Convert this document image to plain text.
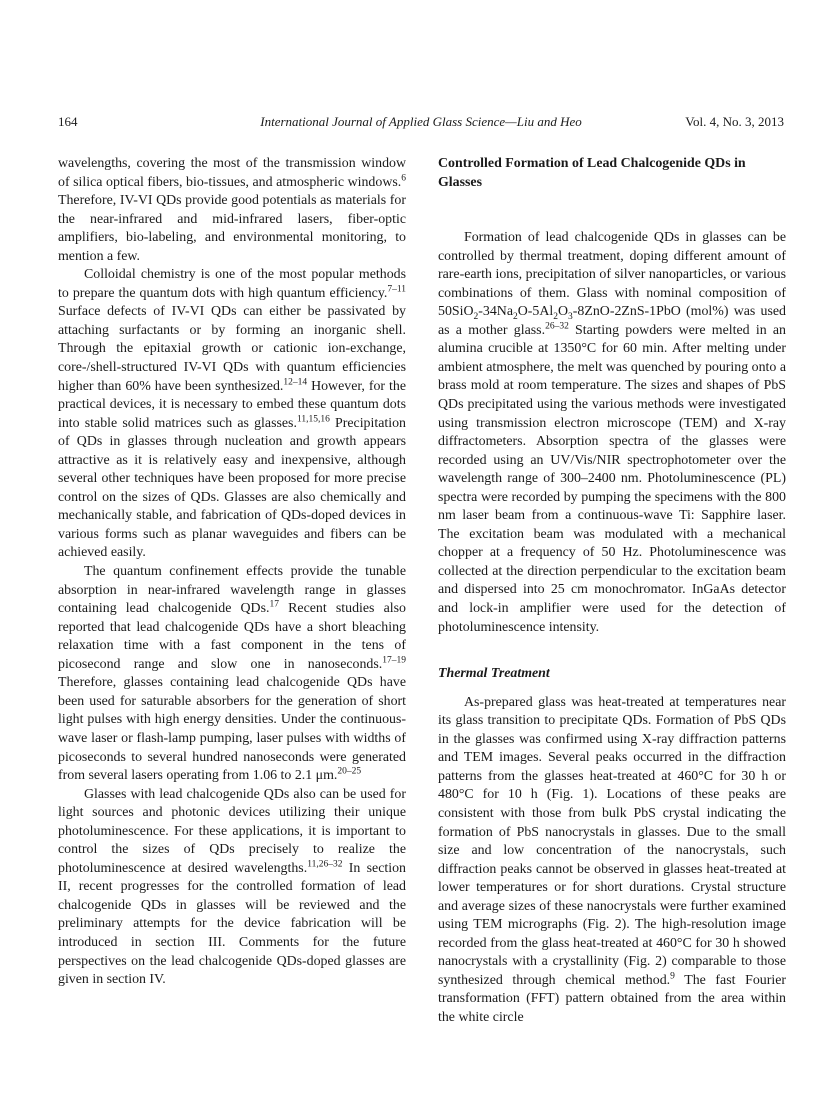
164	International Journal of Applied Glass Science—Liu and Heo	Vol. 4, No. 3, 2013

wavelengths, covering the most of the transmission window of silica optical fibers, bio-tissues, and atmospheric windows.$^6$ Therefore, IV-VI QDs provide good potentials as materials for the near-infrared and mid-infrared lasers, fiber-optic amplifiers, bio-labeling, and environmental monitoring, to mention a few.

Colloidal chemistry is one of the most popular methods to prepare the quantum dots with high quantum efficiency.$^{7-11}$ Surface defects of IV-VI QDs can either be passivated by attaching surfactants or by forming an inorganic shell. Through the epitaxial growth or cationic ion-exchange, core-/shell-structured IV-VI QDs with quantum efficiencies higher than 60% have been synthesized.$^{12-14}$ However, for the practical devices, it is necessary to embed these quantum dots into stable solid matrices such as glasses.$^{11,15,16}$ Precipitation of QDs in glasses through nucleation and growth appears attractive as it is relatively easy and inexpensive, although several other techniques have been proposed for more precise control on the sizes of QDs. Glasses are also chemically and mechanically stable, and fabrication of QDs-doped devices in various forms such as planar waveguides and fibers can be achieved easily.

The quantum confinement effects provide the tunable absorption in near-infrared wavelength range in glasses containing lead chalcogenide QDs.$^{17}$ Recent studies also reported that lead chalcogenide QDs have a short bleaching relaxation time with a fast component in the tens of picosecond range and slow one in nanoseconds.$^{17-19}$ Therefore, glasses containing lead chalcogenide QDs have been used for saturable absorbers for the generation of short light pulses with high energy densities. Under the continuous-wave laser or flash-lamp pumping, laser pulses with widths of picoseconds to several hundred nanoseconds were generated from several lasers operating from 1.06 to 2.1 μm.$^{20-25}$

Glasses with lead chalcogenide QDs also can be used for light sources and photonic devices utilizing their unique photoluminescence. For these applications, it is important to control the sizes of QDs precisely to realize the photoluminescence at desired wavelengths.$^{11,26-32}$ In section II, recent progresses for the controlled formation of lead chalcogenide QDs in glasses will be reviewed and the preliminary attempts for the device fabrication will be introduced in section III. Comments for the future perspectives on the lead chalcogenide QDs-doped glasses are given in section IV.

Controlled Formation of Lead Chalcogenide QDs in Glasses

Formation of lead chalcogenide QDs in glasses can be controlled by thermal treatment, doping different amount of rare-earth ions, precipitation of silver nanoparticles, or various combinations of them. Glass with nominal composition of $50SiO_2-34Na_2O-5Al_2O_3-8ZnO-2ZnS-1PbO$ (mol%) was used as a mother glass.$^{26-32}$ Starting powders were melted in an alumina crucible at 1350°C for 60 min. After melting under ambient atmosphere, the melt was quenched by pouring onto a brass mold at room temperature. The sizes and shapes of PbS QDs precipitated using the various methods were investigated using transmission electron microscope (TEM) and X-ray diffractometers. Absorption spectra of the glasses were recorded using an UV/Vis/NIR spectrophotometer over the wavelength range of 300–2400 nm. Photoluminescence (PL) spectra were recorded by pumping the specimens with the 800 nm laser beam from a continuous-wave Ti: Sapphire laser. The excitation beam was modulated with a mechanical chopper at a frequency of 50 Hz. Photoluminescence was collected at the direction perpendicular to the excitation beam and dispersed into 25 cm monochromator. InGaAs detector and lock-in amplifier were used for the detection of photoluminescence intensity.

Thermal Treatment

As-prepared glass was heat-treated at temperatures near its glass transition to precipitate QDs. Formation of PbS QDs in the glasses was confirmed using X-ray diffraction patterns and TEM images. Several peaks occurred in the diffraction patterns from the glasses heat-treated at 460°C for 30 h or 480°C for 10 h (Fig. 1). Locations of these peaks are consistent with those from bulk PbS crystal indicating the formation of PbS nanocrystals in glasses. Due to the small size and low concentration of the nanocrystals, such diffraction peaks cannot be observed in glasses heat-treated at lower temperatures or for short durations. Crystal structure and average sizes of these nanocrystals were further examined using TEM micrographs (Fig. 2). The high-resolution image recorded from the glass heat-treated at 460°C for 30 h showed nanocrystals with a crystallinity (Fig. 2) comparable to those synthesized through chemical method.$^9$ The fast Fourier transformation (FFT) pattern obtained from the area within the white circle
